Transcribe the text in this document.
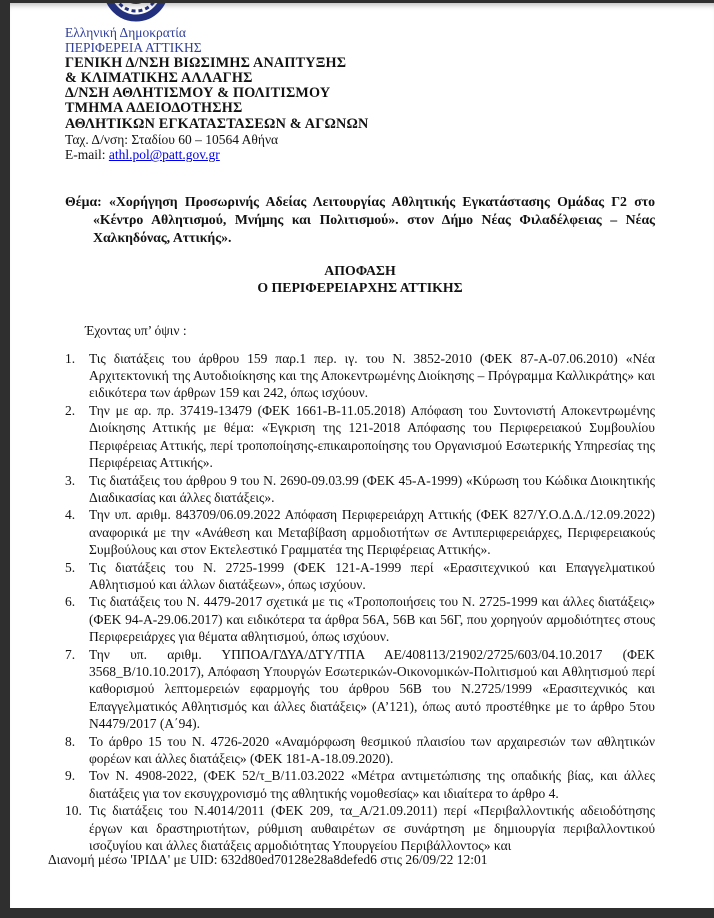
Ελληνική Δημοκρατία
ΠΕΡΙΦΕΡΕΙΑ ΑΤΤΙΚΗΣ
ΓΕΝΙΚΗ Δ/ΝΣΗ ΒΙΩΣΙΜΗΣ ΑΝΑΠΤΥΞΗΣ
& ΚΛΙΜΑΤΙΚΗΣ ΑΛΛΑΓΗΣ
Δ/ΝΣΗ ΑΘΛΗΤΙΣΜΟΥ & ΠΟΛΙΤΙΣΜΟΥ
ΤΜΗΜΑ ΑΔΕΙΟΔΟΤΗΣΗΣ
ΑΘΛΗΤΙΚΩΝ ΕΓΚΑΤΑΣΤΑΣΕΩΝ & ΑΓΩΝΩΝ
Ταχ. Δ/νση: Σταδίου 60 – 10564 Αθήνα
E-mail: athl.pol@patt.gov.gr
Θέμα: «Χορήγηση Προσωρινής Αδείας Λειτουργίας Αθλητικής Εγκατάστασης Ομάδας Γ2 στο «Κέντρο Αθλητισμού, Μνήμης και Πολιτισμού». στον Δήμο Νέας Φιλαδέλφειας – Νέας Χαλκηδόνας, Αττικής».
ΑΠΟΦΑΣΗ
Ο ΠΕΡΙΦΕΡΕΙΑΡΧΗΣ ΑΤΤΙΚΗΣ
Έχοντας υπ’ όψιν :
Τις διατάξεις του άρθρου 159 παρ.1 περ. ιγ. του Ν. 3852-2010 (ΦΕΚ 87-Α-07.06.2010) «Νέα Αρχιτεκτονική της Αυτοδιοίκησης και της Αποκεντρωμένης Διοίκησης – Πρόγραμμα Καλλικράτης» και ειδικότερα των άρθρων 159 και 242, όπως ισχύουν.
Την με αρ. πρ. 37419-13479 (ΦΕΚ 1661-Β-11.05.2018) Απόφαση του Συντονιστή Αποκεντρωμένης Διοίκησης Αττικής με θέμα: «Έγκριση της 121-2018 Απόφασης του Περιφερειακού Συμβουλίου Περιφέρειας Αττικής, περί τροποποίησης-επικαιροποίησης του Οργανισμού Εσωτερικής Υπηρεσίας της Περιφέρειας Αττικής».
Τις διατάξεις του άρθρου 9 του Ν. 2690-09.03.99 (ΦΕΚ 45-Α-1999) «Κύρωση του Κώδικα Διοικητικής Διαδικασίας και άλλες διατάξεις».
Την υπ. αριθμ. 843709/06.09.2022 Απόφαση Περιφερειάρχη Αττικής (ΦΕΚ 827/Υ.Ο.Δ.Δ./12.09.2022) αναφορικά με την «Ανάθεση και Μεταβίβαση αρμοδιοτήτων σε Αντιπεριφερειάρχες, Περιφερειακούς Συμβούλους και στον Εκτελεστικό Γραμματέα της Περιφέρειας Αττικής».
Τις διατάξεις του Ν. 2725-1999 (ΦΕΚ 121-Α-1999 περί «Ερασιτεχνικού και Επαγγελματικού Αθλητισμού και άλλων διατάξεων», όπως ισχύουν.
Τις διατάξεις του Ν. 4479-2017 σχετικά με τις «Τροποποιήσεις του Ν. 2725-1999 και άλλες διατάξεις» (ΦΕΚ 94-Α-29.06.2017) και ειδικότερα τα άρθρα 56Α, 56Β και 56Γ, που χορηγούν αρμοδιότητες στους Περιφερειάρχες για θέματα αθλητισμού, όπως ισχύουν.
Την υπ. αριθμ. ΥΠΠΟΑ/ΓΔΥΑ/ΔΤΥ/ΤΠΑ ΑΕ/408113/21902/2725/603/04.10.2017 (ΦΕΚ 3568_Β/10.10.2017), Απόφαση Υπουργών Εσωτερικών-Οικονομικών-Πολιτισμού και Αθλητισμού περί καθορισμού λεπτομερειών εφαρμογής του άρθρου 56Β του Ν.2725/1999 «Ερασιτεχνικός και Επαγγελματικός Αθλητισμός και άλλες διατάξεις» (Α’121), όπως αυτό προστέθηκε με το άρθρο 5του Ν4479/2017 (Α΄94).
Το άρθρο 15 του Ν. 4726-2020 «Αναμόρφωση θεσμικού πλαισίου των αρχαιρεσιών των αθλητικών φορέων και άλλες διατάξεις» (ΦΕΚ 181-Α-18.09.2020).
Τον Ν. 4908-2022, (ΦΕΚ 52/τ_Β/11.03.2022 «Μέτρα αντιμετώπισης της οπαδικής βίας, και άλλες διατάξεις για τον εκσυγχρονισμό της αθλητικής νομοθεσίας» και ιδιαίτερα το άρθρο 4.
Τις διατάξεις του Ν.4014/2011 (ΦΕΚ 209, τα_Α/21.09.2011) περί «Περιβαλλοντικής αδειοδότησης έργων και δραστηριοτήτων, ρύθμιση αυθαιρέτων σε συνάρτηση με δημιουργία περιβαλλοντικού ισοζυγίου και άλλες διατάξεις αρμοδιότητας Υπουργείου Περιβάλλοντος» και
Διανομή μέσω 'ΙΡΙΔΑ' με UID: 632d80ed70128e28a8defed6 στις 26/09/22 12:01
